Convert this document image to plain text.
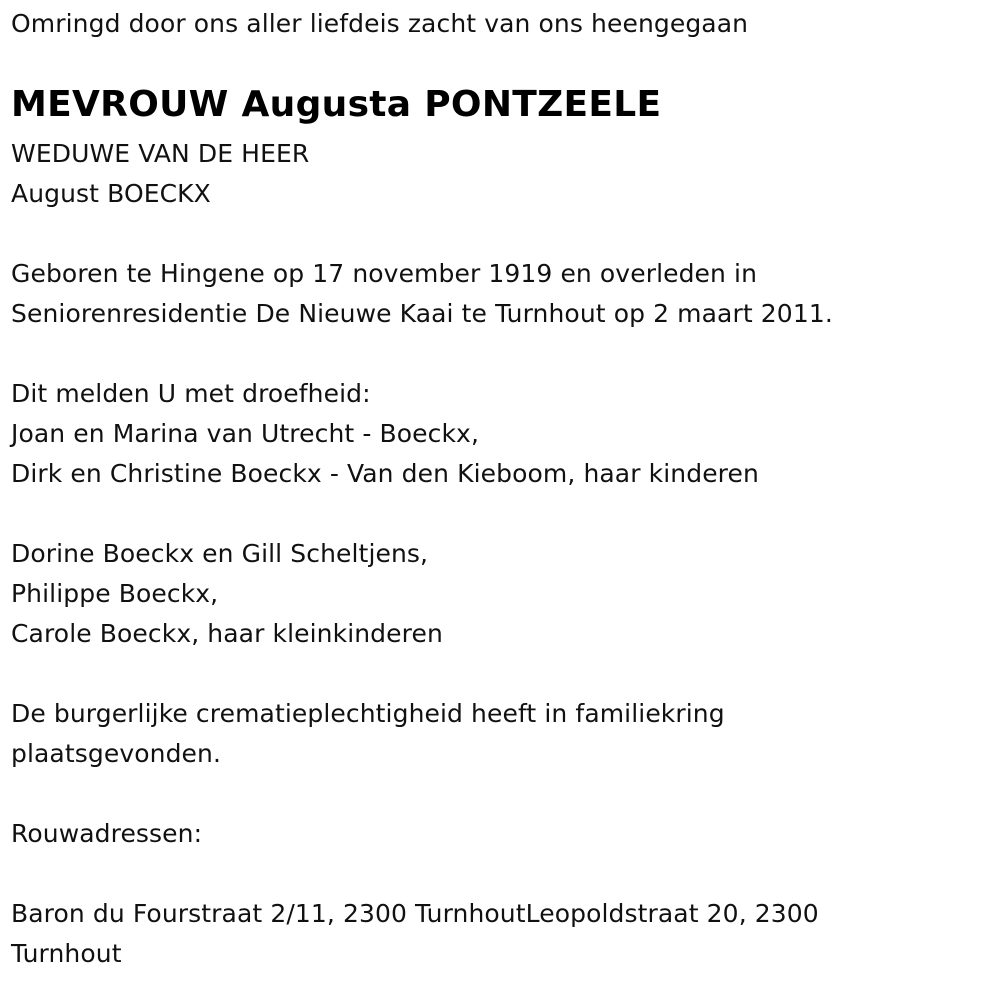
Omringd door ons aller liefdeis zacht van ons heengegaan
MEVROUW Augusta PONTZEELE
WEDUWE VAN DE HEER
August BOECKX
Geboren te Hingene op 17 november 1919 en overleden in
Seniorenresidentie De Nieuwe Kaai te Turnhout op 2 maart 2011.
Dit melden U met droefheid:
Joan en Marina van Utrecht - Boeckx,
Dirk en Christine Boeckx - Van den Kieboom, haar kinderen
Dorine Boeckx en Gill Scheltjens,
Philippe Boeckx,
Carole Boeckx, haar kleinkinderen
De burgerlijke crematieplechtigheid heeft in familiekring
plaatsgevonden.
Rouwadressen:
Baron du Fourstraat 2/11, 2300 TurnhoutLeopoldstraat 20, 2300
Turnhout
